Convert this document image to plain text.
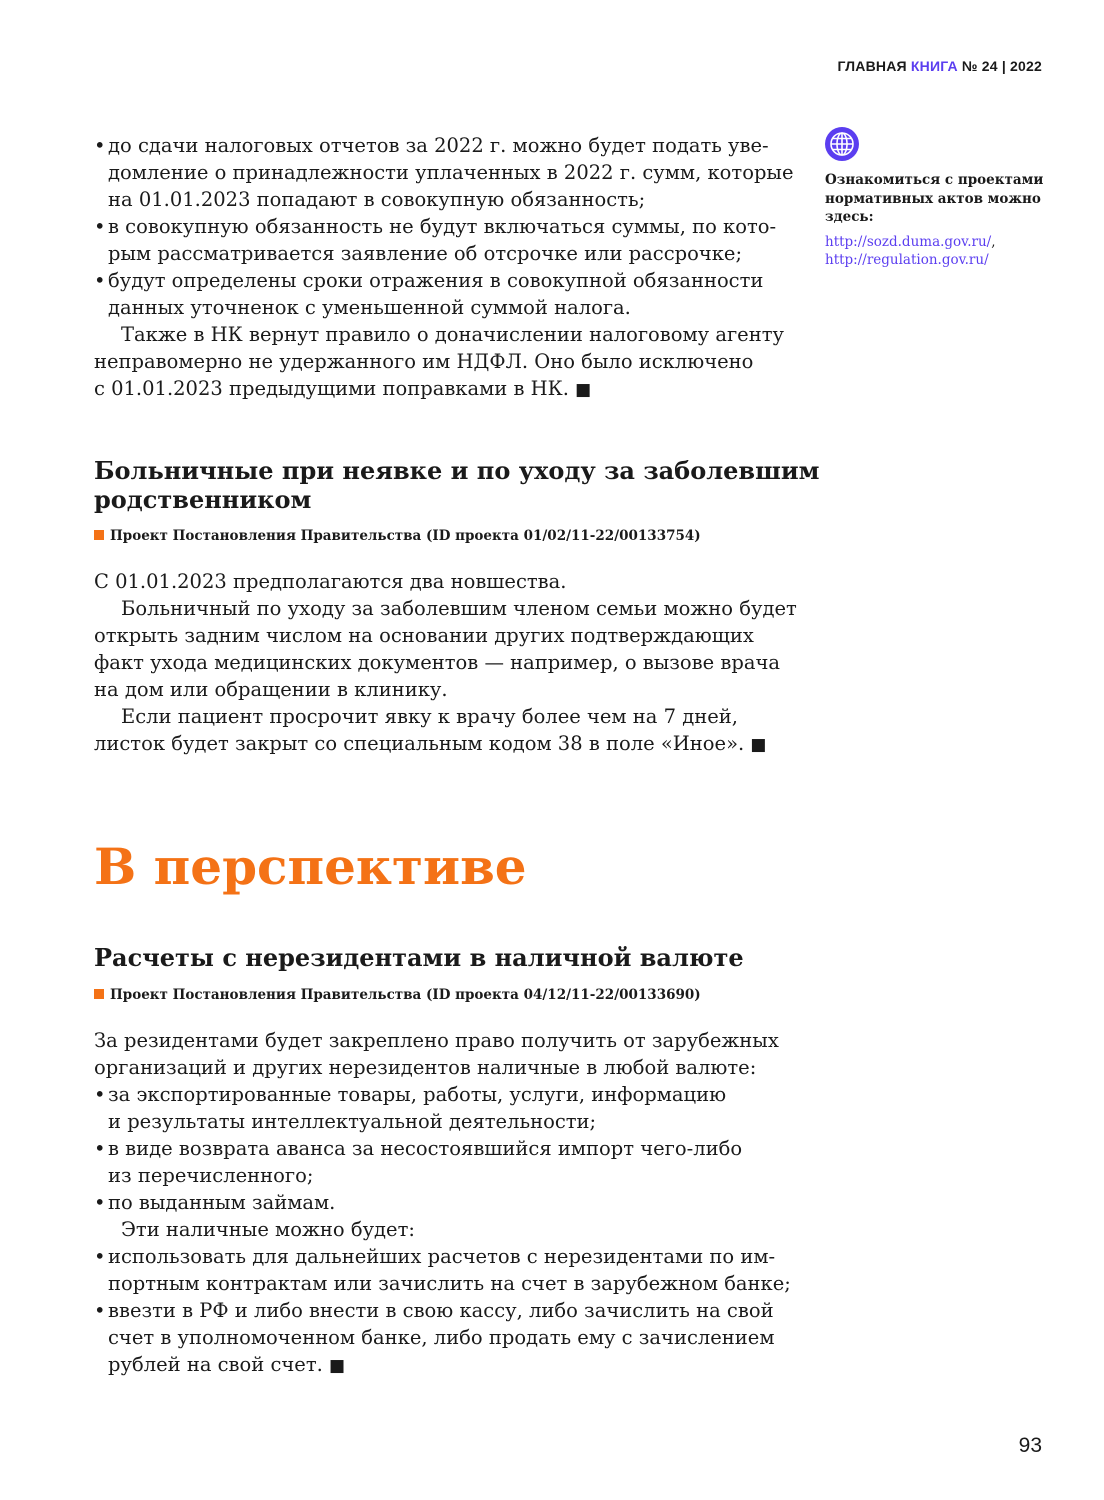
ГЛАВНАЯ КНИГА № 24 | 2022
• до сдачи налоговых отчетов за 2022 г. можно будет подать уве-
домление о принадлежности уплаченных в 2022 г. сумм, которые
на 01.01.2023 попадают в совокупную обязанность;
• в совокупную обязанность не будут включаться суммы, по кото-
рым рассматривается заявление об отсрочке или рассрочке;
• будут определены сроки отражения в совокупной обязанности
данных уточненок с уменьшенной суммой налога.
Также в НК вернут правило о доначислении налоговому агенту
неправомерно не удержанного им НДФЛ. Оно было исключено
с 01.01.2023 предыдущими поправками в НК. ■
Больничные при неявке и по уходу за заболевшим
родственником
Проект Постановления Правительства (ID проекта 01/02/11-22/00133754)
С 01.01.2023 предполагаются два новшества.
Больничный по уходу за заболевшим членом семьи можно будет
открыть задним числом на основании других подтверждающих
факт ухода медицинских документов — например, о вызове врача
на дом или обращении в клинику.
Если пациент просрочит явку к врачу более чем на 7 дней,
листок будет закрыт со специальным кодом 38 в поле «Иное». ■
В перспективе
Расчеты с нерезидентами в наличной валюте
Проект Постановления Правительства (ID проекта 04/12/11-22/00133690)
За резидентами будет закреплено право получить от зарубежных
организаций и других нерезидентов наличные в любой валюте:
• за экспортированные товары, работы, услуги, информацию
и результаты интеллектуальной деятельности;
• в виде возврата аванса за несостоявшийся импорт чего-либо
из перечисленного;
• по выданным займам.
Эти наличные можно будет:
• использовать для дальнейших расчетов с нерезидентами по им-
портным контрактам или зачислить на счет в зарубежном банке;
• ввезти в РФ и либо внести в свою кассу, либо зачислить на свой
счет в уполномоченном банке, либо продать ему с зачислением
рублей на свой счет. ■
Ознакомиться с проектами нормативных актов можно здесь:
http://sozd.duma.gov.ru/,
http://regulation.gov.ru/
93
